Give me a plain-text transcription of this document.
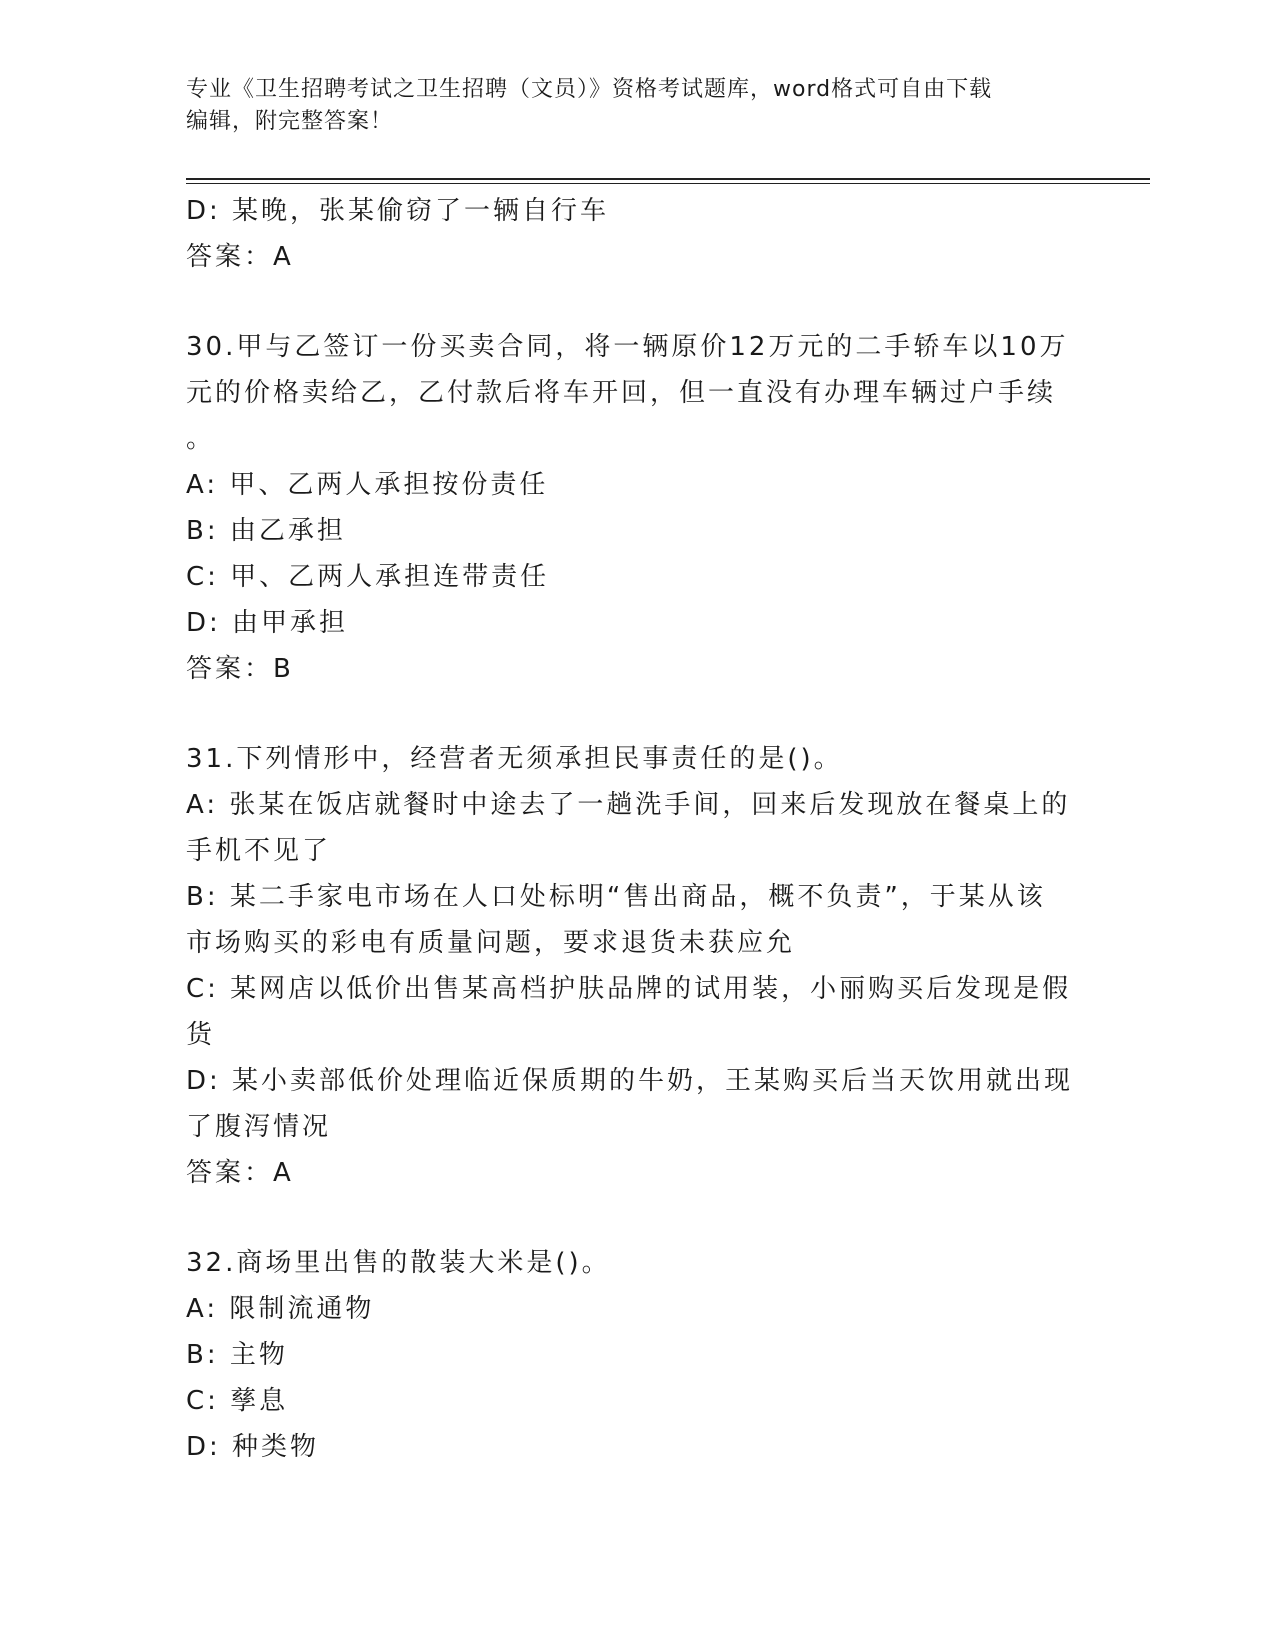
专业《卫生招聘考试之卫生招聘（文员）》资格考试题库，word格式可自由下载
编辑，附完整答案！
D: 某晚，张某偷窃了一辆自行车
答案：A
30.甲与乙签订一份买卖合同，将一辆原价12万元的二手轿车以10万
元的价格卖给乙，乙付款后将车开回，但一直没有办理车辆过户手续
。
A: 甲、乙两人承担按份责任
B: 由乙承担
C: 甲、乙两人承担连带责任
D: 由甲承担
答案：B
31.下列情形中，经营者无须承担民事责任的是()。
A: 张某在饭店就餐时中途去了一趟洗手间，回来后发现放在餐桌上的
手机不见了
B: 某二手家电市场在人口处标明“售出商品，概不负责”，于某从该
市场购买的彩电有质量问题，要求退货未获应允
C: 某网店以低价出售某高档护肤品牌的试用装，小丽购买后发现是假
货
D: 某小卖部低价处理临近保质期的牛奶，王某购买后当天饮用就出现
了腹泻情况
答案：A
32.商场里出售的散装大米是()。
A: 限制流通物
B: 主物
C: 孳息
D: 种类物
